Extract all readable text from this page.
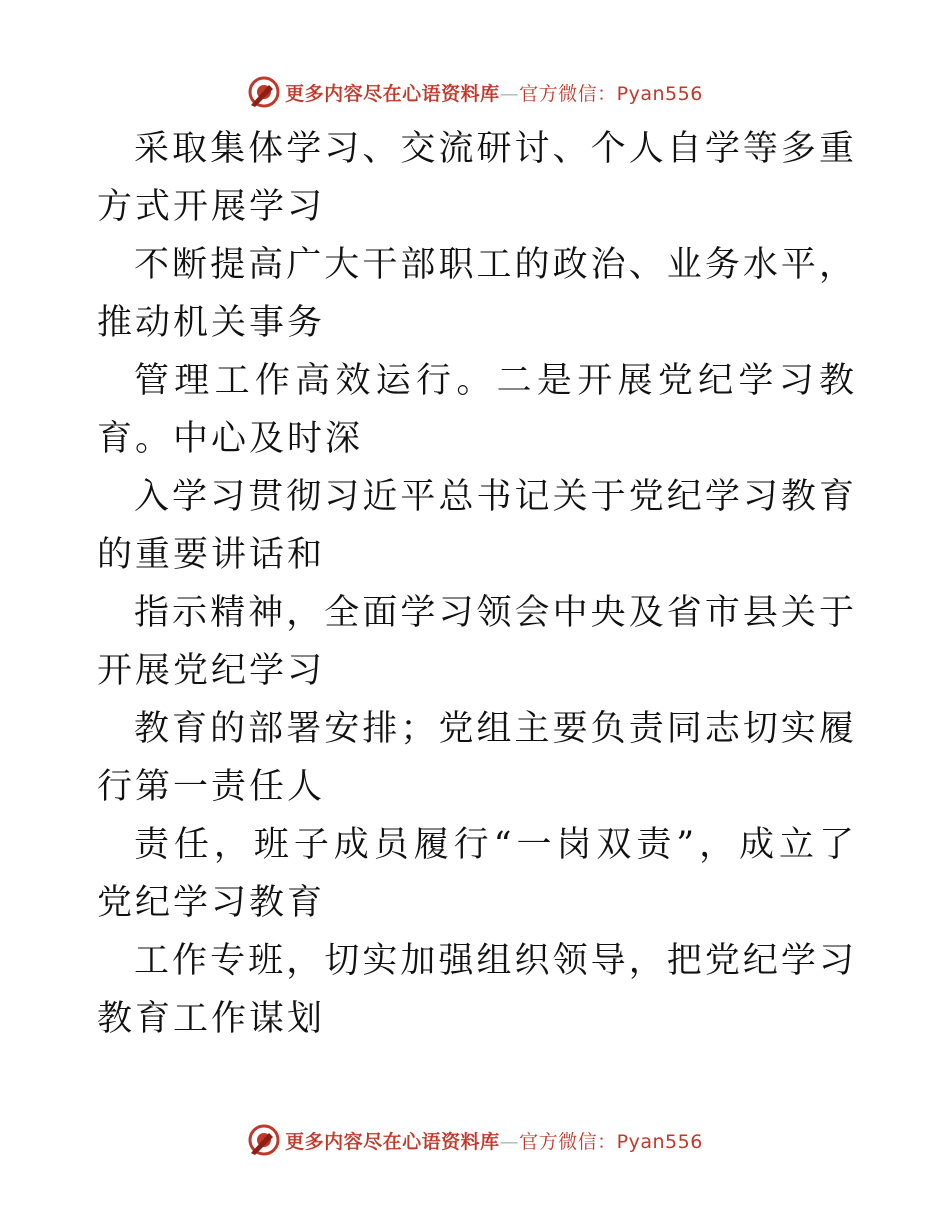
更多内容尽在心语资料库—官方微信：Pyan556

采取集体学习、交流研讨、个人自学等多重方式开展学习

不断提高广大干部职工的政治、业务水平，推动机关事务

管理工作高效运行。二是开展党纪学习教育。中心及时深

入学习贯彻习近平总书记关于党纪学习教育的重要讲话和

指示精神，全面学习领会中央及省市县关于开展党纪学习

教育的部署安排；党组主要负责同志切实履行第一责任人

责任，班子成员履行“一岗双责”，成立了党纪学习教育

工作专班，切实加强组织领导，把党纪学习教育工作谋划

更多内容尽在心语资料库—官方微信：Pyan556
